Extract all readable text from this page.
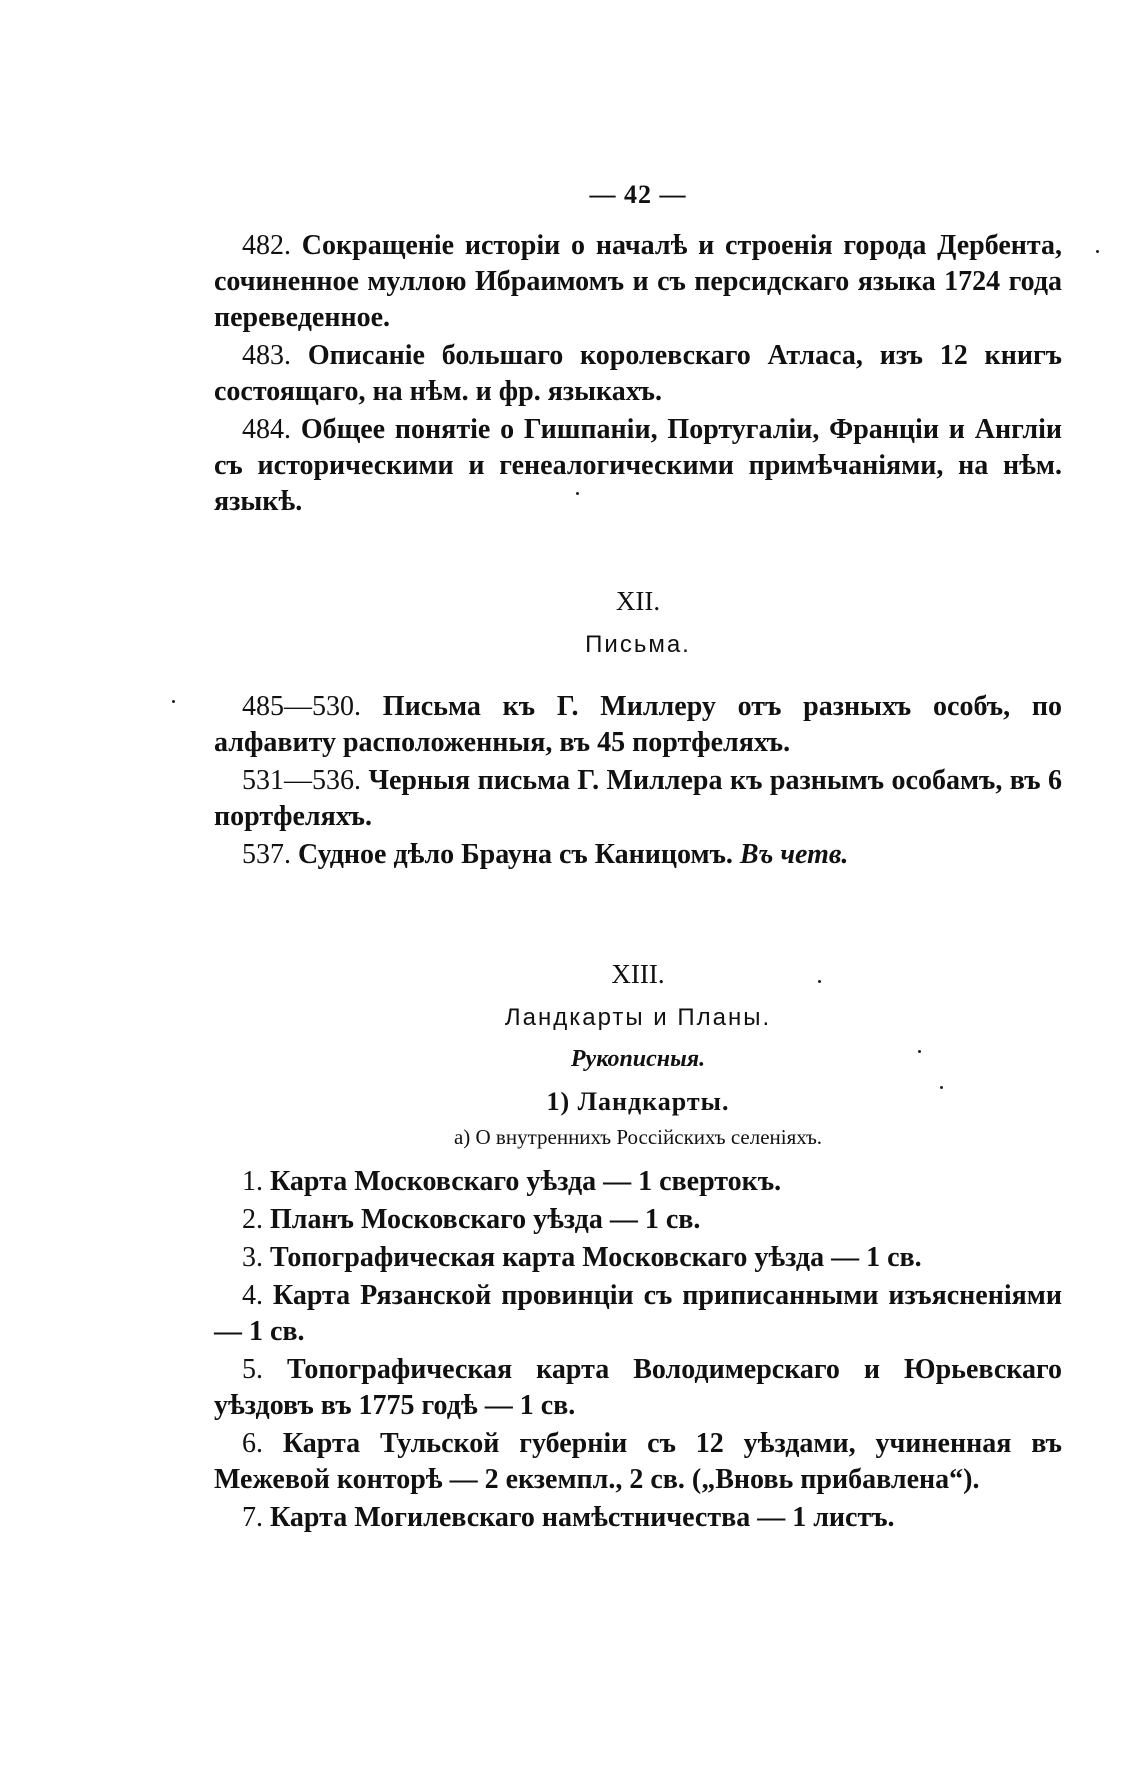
— 42 —

482. Сокращеніе исторіи о началѣ и строенія города Дербента, сочиненное муллою Ибраимомъ и съ персидскаго языка 1724 года переведенное.

483. Описаніе большаго королевскаго Атласа, изъ 12 книгъ состоящаго, на нѣм. и фр. языкахъ.

484. Общее понятіе о Гишпаніи, Португаліи, Франціи и Англіи съ историческими и генеалогическими примѣчаніями, на нѣм. языкѣ.

XII.
Письма.

485—530. Письма къ Г. Миллеру отъ разныхъ особъ, по алфавиту расположенныя, въ 45 портфеляхъ.

531—536. Черныя письма Г. Миллера къ разнымъ особамъ, въ 6 портфеляхъ.

537. Судное дѣло Брауна съ Каницомъ. Въ четв.

XIII.
Ландкарты и Планы.
Рукописныя.
1) Ландкарты.
а) О внутреннихъ Россійскихъ селеніяхъ.

1. Карта Московскаго уѣзда — 1 свертокъ.

2. Планъ Московскаго уѣзда — 1 св.

3. Топографическая карта Московскаго уѣзда — 1 св.

4. Карта Рязанской провинціи съ приписанными изъясненіями — 1 св.

5. Топографическая карта Володимерскаго и Юрьевскаго уѣздовъ въ 1775 годѣ — 1 св.

6. Карта Тульской губерніи съ 12 уѣздами, учиненная въ Межевой конторѣ — 2 екземпл., 2 св. („Вновь прибавлена“).

7. Карта Могилевскаго намѣстничества — 1 листъ.
